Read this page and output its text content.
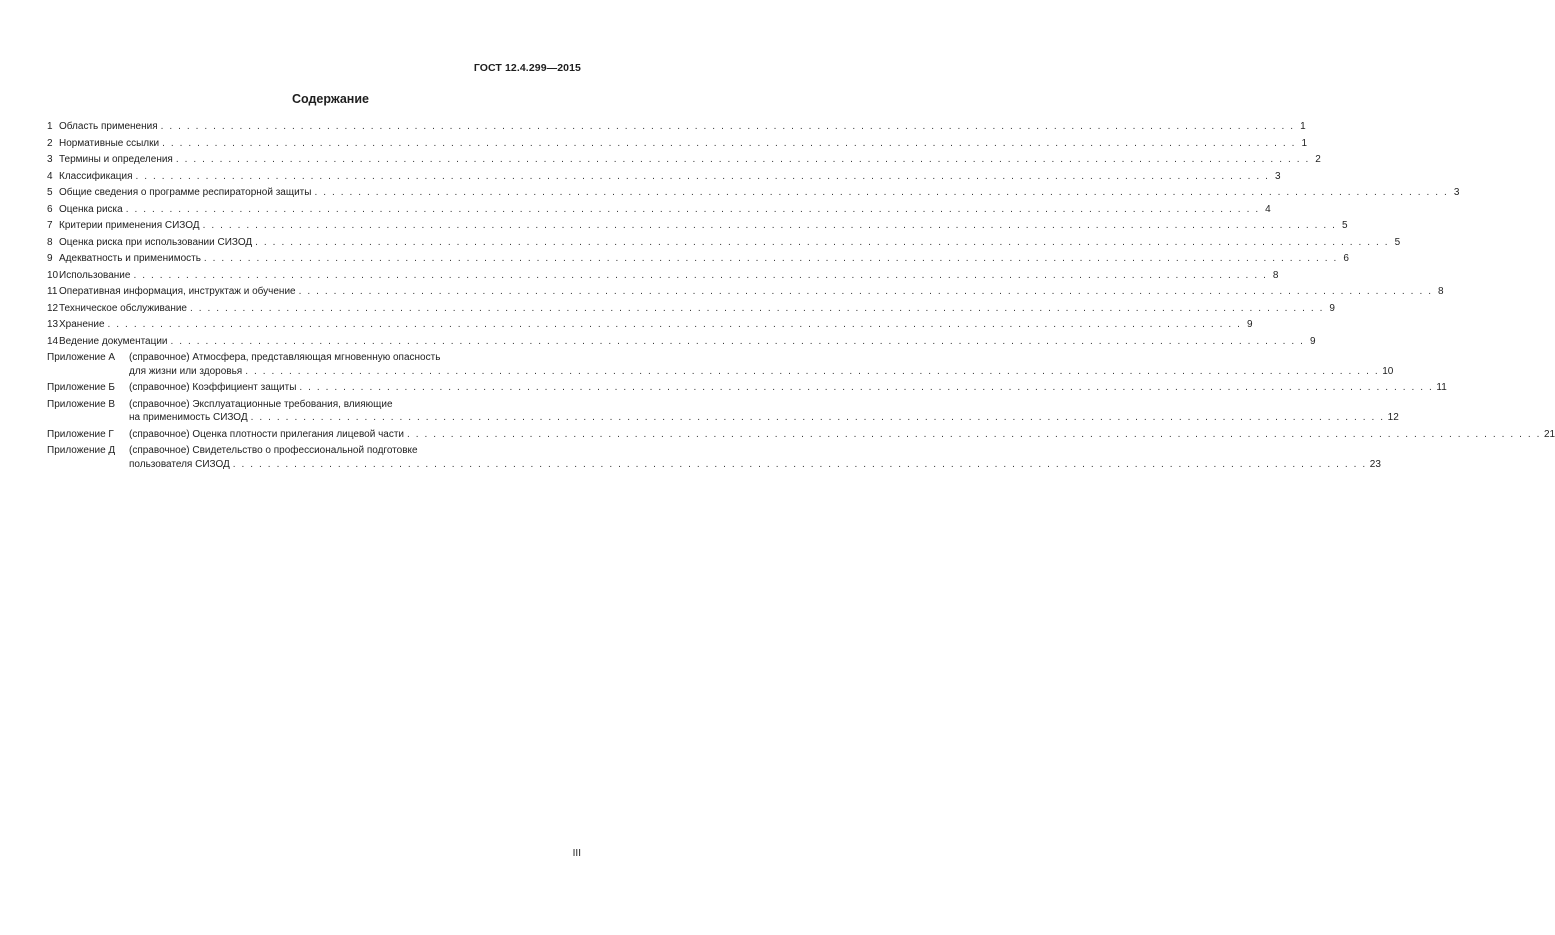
ГОСТ 12.4.299—2015
Содержание
1 Область применения . . .	1
2 Нормативные ссылки . . .	1
3 Термины и определения . . .	2
4 Классификация . . .	3
5 Общие сведения о программе респираторной защиты . . .	3
6 Оценка риска . . .	4
7 Критерии применения СИЗОД . . .	5
8 Оценка риска при использовании СИЗОД . . .	5
9 Адекватность и применимость . . .	6
10Использование . . .	8
11 Оперативная информация, инструктаж и обучение . . .	8
12Техническое обслуживание . . .	9
13Хранение . . .	9
14Ведение документации . . .	9
Приложение А	(справочное) Атмосфера, представляющая мгновенную опасность
для жизни или здоровья . . .	10
Приложение Б	(справочное) Коэффициент защиты . . .	11
Приложение В	(справочное) Эксплуатационные требования, влияющие
на применимость СИЗОД . . .	12
Приложение Г	(справочное) Оценка плотности прилегания лицевой части . . .	21
Приложение Д	(справочное) Свидетельство о профессиональной подготовке
пользователя СИЗОД . . .	23
III
